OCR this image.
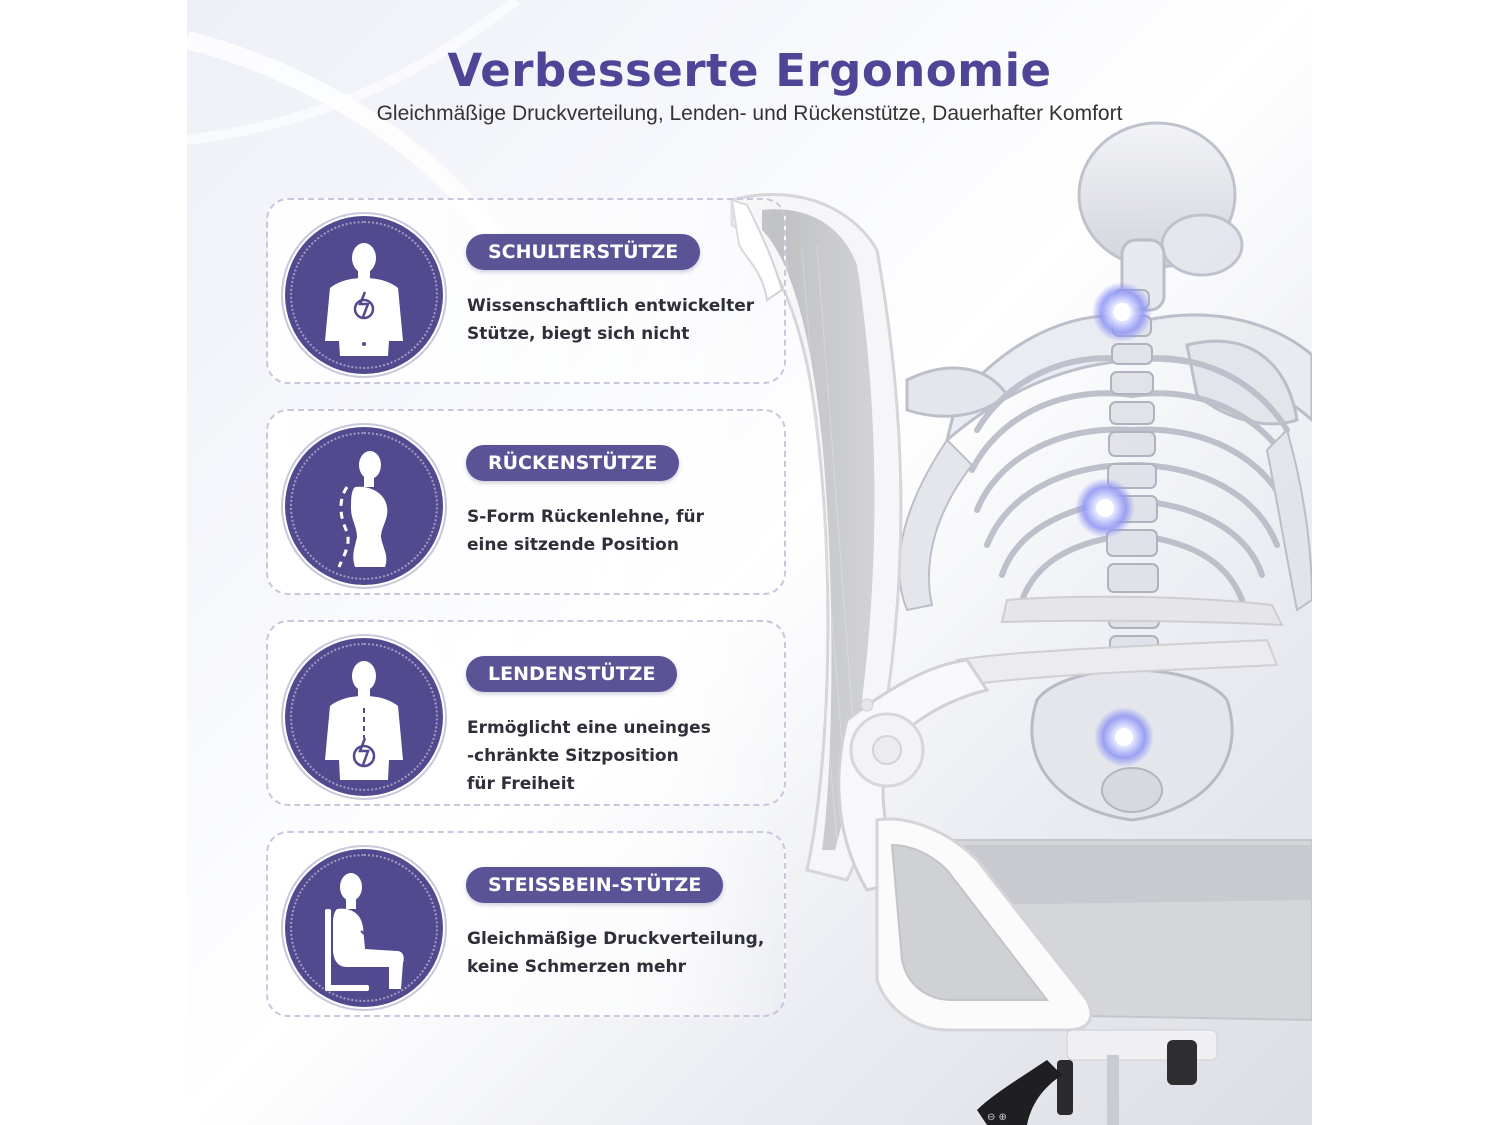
⊖ ⊕
Verbesserte Ergonomie

Gleichmäßige Druckverteilung, Lenden- und Rückenstütze, Dauerhafter Komfort

SCHULTERSTÜTZE
Wissenschaftlich entwickelter
Stütze, biegt sich nicht
RÜCKENSTÜTZE
S-Form Rückenlehne, für
eine sitzende Position
LENDENSTÜTZE
Ermöglicht eine uneinges
-chränkte Sitzposition
für Freiheit
STEISSBEIN-STÜTZE
Gleichmäßige Druckverteilung,
keine Schmerzen mehr
